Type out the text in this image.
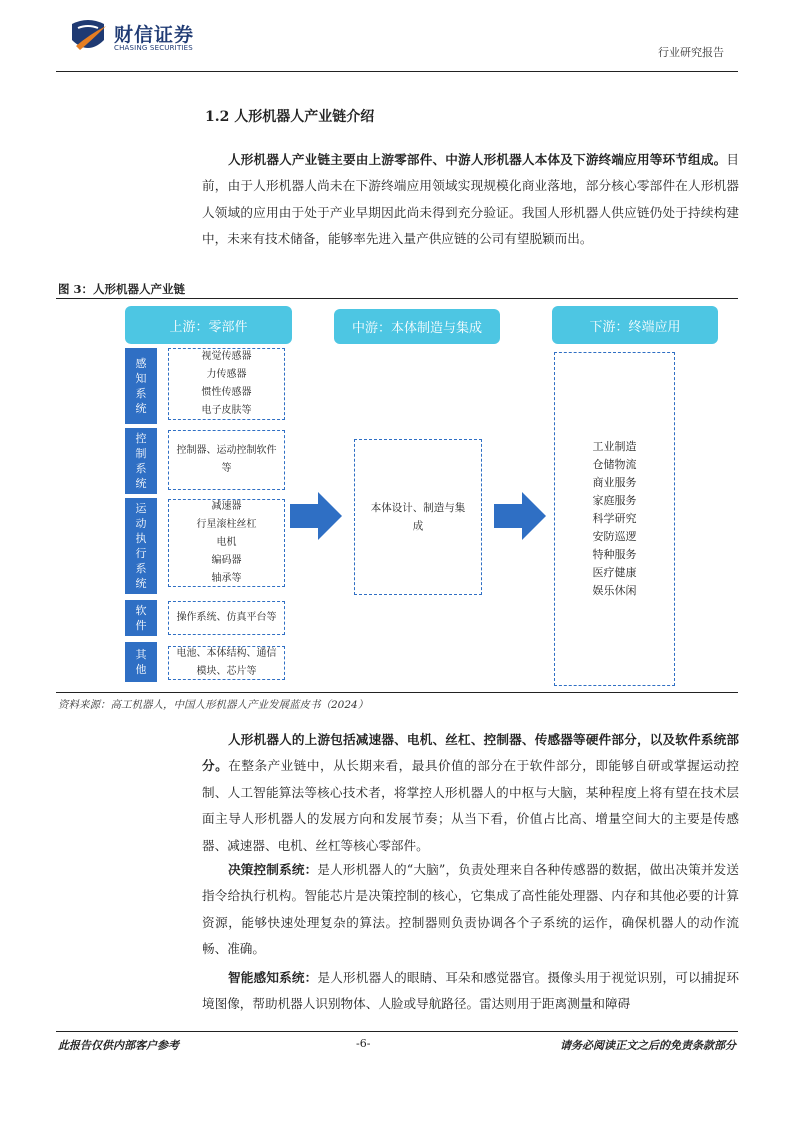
财信证券
CHASING SECURITIES	行业研究报告
1.2 人形机器人产业链介绍

人形机器人产业链主要由上游零部件、中游人形机器人本体及下游终端应用等环节组成。目前，由于人形机器人尚未在下游终端应用领域实现规模化商业落地，部分核心零部件在人形机器人领域的应用由于处于产业早期因此尚未得到充分验证。我国人形机器人供应链仍处于持续构建中，未来有技术储备，能够率先进入量产供应链的公司有望脱颖而出。

图 3：人形机器人产业链
上游：零部件	中游：本体制造与集成	下游：终端应用
感
知
系
统
视觉传感器
力传感器
惯性传感器
电子皮肤等
控
制
系
统
控制器、运动控制软件
等
运
动
执
行
系
统
减速器
行星滚柱丝杠
电机
编码器
轴承等
软
件
操作系统、仿真平台等
其
他
电池、本体结构、通信
模块、芯片等
本体设计、制造与集
成
工业制造
仓储物流
商业服务
家庭服务
科学研究
安防巡逻
特种服务
医疗健康
娱乐休闲
资料来源：高工机器人，中国人形机器人产业发展蓝皮书（2024）

人形机器人的上游包括减速器、电机、丝杠、控制器、传感器等硬件部分，以及软件系统部分。在整条产业链中，从长期来看，最具价值的部分在于软件部分，即能够自研或掌握运动控制、人工智能算法等核心技术者，将掌控人形机器人的中枢与大脑，某种程度上将有望在技术层面主导人形机器人的发展方向和发展节奏；从当下看，价值占比高、增量空间大的主要是传感器、减速器、电机、丝杠等核心零部件。

决策控制系统：是人形机器人的“大脑”，负责处理来自各种传感器的数据，做出决策并发送指令给执行机构。智能芯片是决策控制的核心，它集成了高性能处理器、内存和其他必要的计算资源，能够快速处理复杂的算法。控制器则负责协调各个子系统的运作，确保机器人的动作流畅、准确。

智能感知系统：是人形机器人的眼睛、耳朵和感觉器官。摄像头用于视觉识别，可以捕捉环境图像，帮助机器人识别物体、人脸或导航路径。雷达则用于距离测量和障碍

此报告仅供内部客户参考	-6-	请务必阅读正文之后的免责条款部分
